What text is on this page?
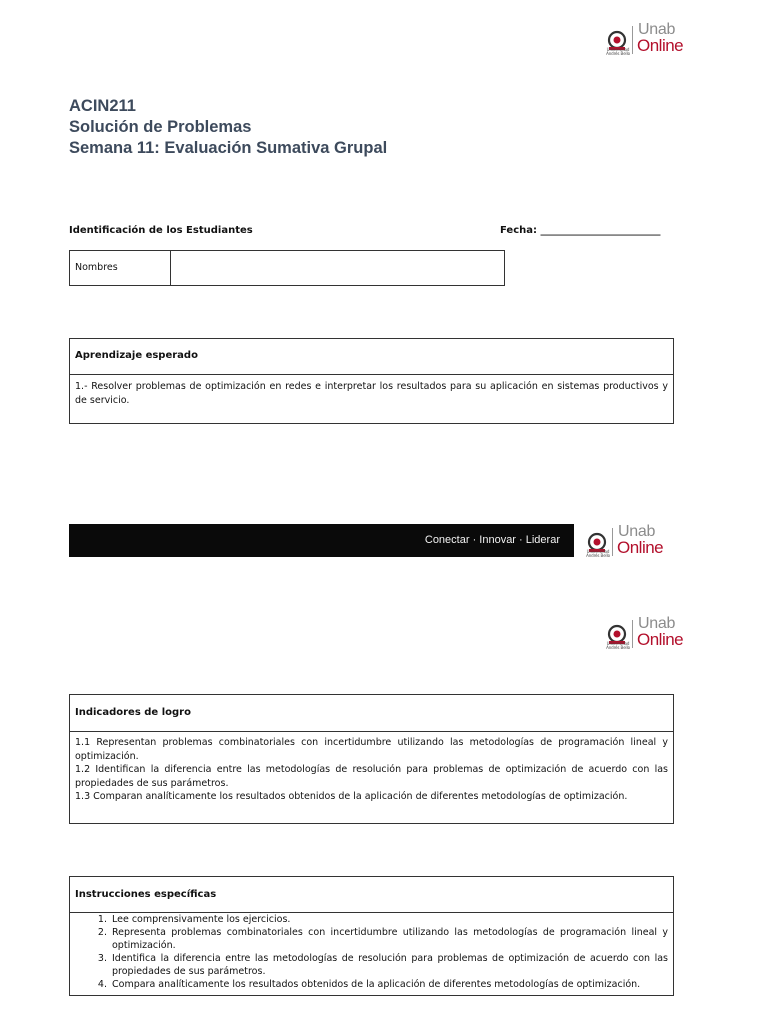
Universidad
Andrés Bello
Unab
Online
ACIN211
Solución de Problemas
Semana 11: Evaluación Sumativa Grupal
Identificación de los Estudiantes	Fecha: ________________________
Nombres
Aprendizaje esperado
1.- Resolver problemas de optimización en redes e interpretar los resultados para su aplicación en sistemas productivos y de servicio.
Conectar · Innovar · Liderar
Universidad
Andrés Bello
Unab
Online
Universidad
Andrés Bello
Unab
Online
Indicadores de logro
1.1 Representan problemas combinatoriales con incertidumbre utilizando las metodologías de programación lineal y optimización.
1.2 Identifican la diferencia entre las metodologías de resolución para problemas de optimización de acuerdo con las propiedades de sus parámetros.
1.3 Comparan analíticamente los resultados obtenidos de la aplicación de diferentes metodologías de optimización.
Instrucciones específicas
1. Lee comprensivamente los ejercicios.
2. Representa problemas combinatoriales con incertidumbre utilizando las metodologías de programación lineal y optimización.
3. Identifica la diferencia entre las metodologías de resolución para problemas de optimización de acuerdo con las propiedades de sus parámetros.
4. Compara analíticamente los resultados obtenidos de la aplicación de diferentes metodologías de optimización.
